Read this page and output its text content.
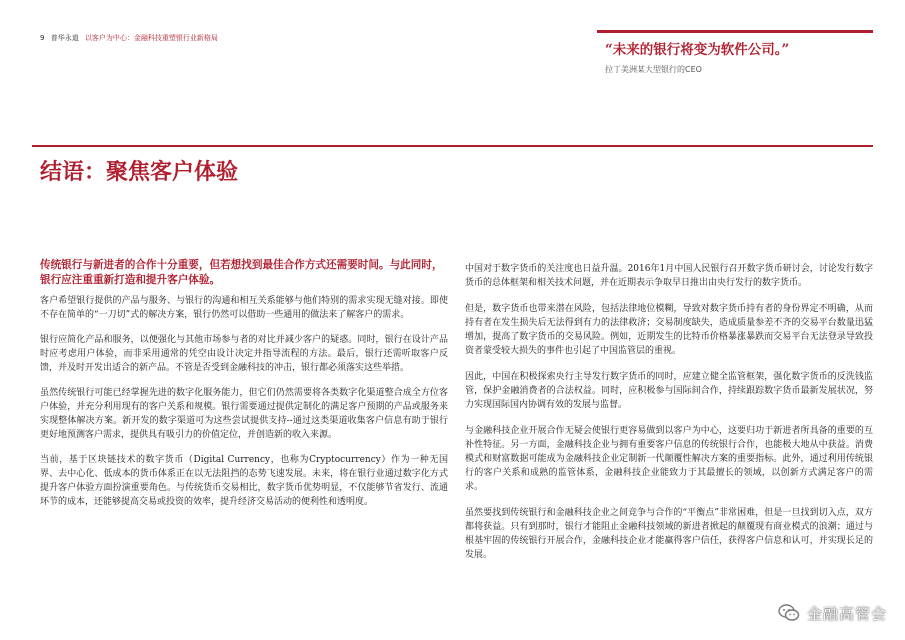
9 普华永道 以客户为中心：金融科技重塑银行业新格局
“未来的银行将变为软件公司。”
拉丁美洲某大型银行的CEO
结语：聚焦客户体验

传统银行与新进者的合作十分重要，但若想找到最佳合作方式还需要时间。与此同时，银行应注重重新打造和提升客户体验。

客户希望银行提供的产品与服务、与银行的沟通和相互关系能够与他们特别的需求实现无缝对接。即使不存在简单的“一刀切”式的解决方案，银行仍然可以借助一些通用的做法来了解客户的需求。

银行应简化产品和服务，以便强化与其他市场参与者的对比并减少客户的疑惑。同时，银行在设计产品时应考虑用户体验，而非采用通常的凭空由设计决定并指导流程的方法。最后，银行还需听取客户反馈，并及时开发出适合的新产品。不管是否受到金融科技的冲击，银行都必须落实这些举措。

虽然传统银行可能已经掌握先进的数字化服务能力，但它们仍然需要将各类数字化渠道整合成全方位客户体验，并充分利用现有的客户关系和规模。银行需要通过提供定制化的满足客户预期的产品或服务来实现整体解决方案。新开发的数字渠道可为这些尝试提供支持--通过这类渠道收集客户信息有助于银行更好地预测客户需求，提供具有吸引力的价值定位，并创造新的收入来源。

当前，基于区块链技术的数字货币（Digital Currency，也称为Cryptocurrency）作为一种无国界、去中心化、低成本的货币体系正在以无法阻挡的态势飞速发展。未来，将在银行业通过数字化方式提升客户体验方面扮演重要角色。与传统货币交易相比，数字货币优势明显，不仅能够节省发行、流通环节的成本，还能够提高交易或投资的效率，提升经济交易活动的便利性和透明度。

中国对于数字货币的关注度也日益升温。2016年1月中国人民银行召开数字货币研讨会，讨论发行数字货币的总体框架和相关技术问题，并在近期表示争取早日推出由央行发行的数字货币。

但是，数字货币也带来潜在风险，包括法律地位模糊，导致对数字货币持有者的身份界定不明确，从而持有者在发生损失后无法得到有力的法律救济；交易制度缺失，造成质量参差不齐的交易平台数量迅猛增加，提高了数字货币的交易风险。例如，近期发生的比特币价格暴涨暴跌而交易平台无法登录导致投资者蒙受较大损失的事件也引起了中国监管层的重视。

因此，中国在积极探索央行主导发行数字货币的同时，应建立健全监管框架，强化数字货币的反洗钱监管，保护金融消费者的合法权益。同时，应积极参与国际间合作，持续跟踪数字货币最新发展状况，努力实现国际国内协调有效的发展与监督。

与金融科技企业开展合作无疑会使银行更容易做到以客户为中心，这要归功于新进者所具备的重要的互补性特征。另一方面，金融科技企业与拥有重要客户信息的传统银行合作，也能极大地从中获益。消费模式和财富数据可能成为金融科技企业定制新一代颠覆性解决方案的重要指标。此外，通过利用传统银行的客户关系和成熟的监管体系，金融科技企业能致力于其最擅长的领域，以创新方式满足客户的需求。

虽然要找到传统银行和金融科技企业之间竞争与合作的“平衡点”非常困难，但是一旦找到切入点，双方都将获益。只有到那时，银行才能阻止金融科技领域的新进者掀起的颠覆现有商业模式的浪潮；通过与根基牢固的传统银行开展合作，金融科技企业才能赢得客户信任，获得客户信息和认可，并实现长足的发展。

金融高管会
